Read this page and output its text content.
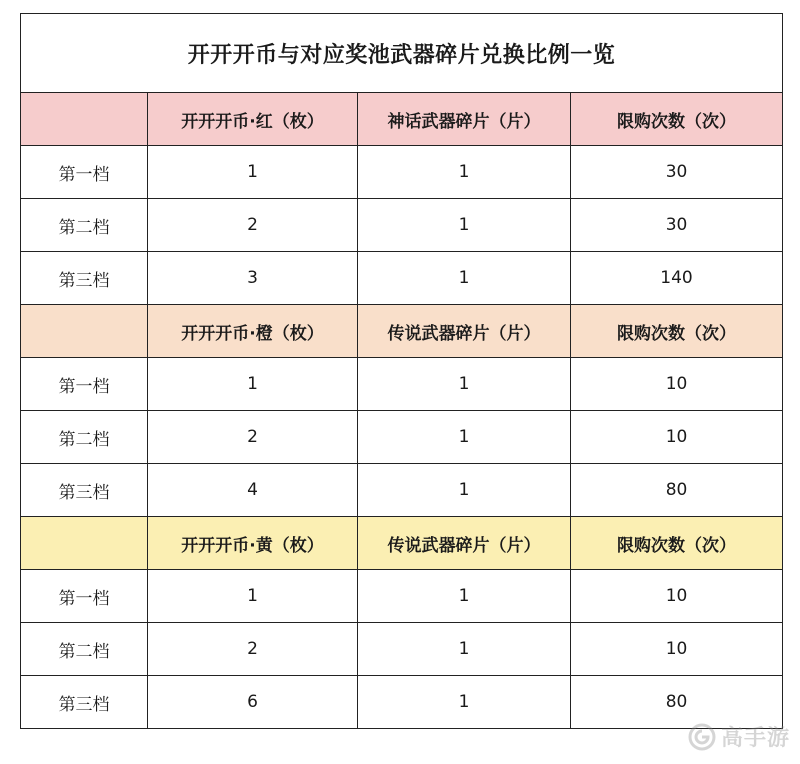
开开开币与对应奖池武器碎片兑换比例一览			
	开开开币·红（枚）	神话武器碎片（片）	限购次数（次）
第一档	1	1	30
第二档	2	1	30
第三档	3	1	140
	开开开币·橙（枚）	传说武器碎片（片）	限购次数（次）
第一档	1	1	10
第二档	2	1	10
第三档	4	1	80
	开开开币·黄（枚）	传说武器碎片（片）	限购次数（次）
第一档	1	1	10
第二档	2	1	10
第三档	6	1	80
高手游
